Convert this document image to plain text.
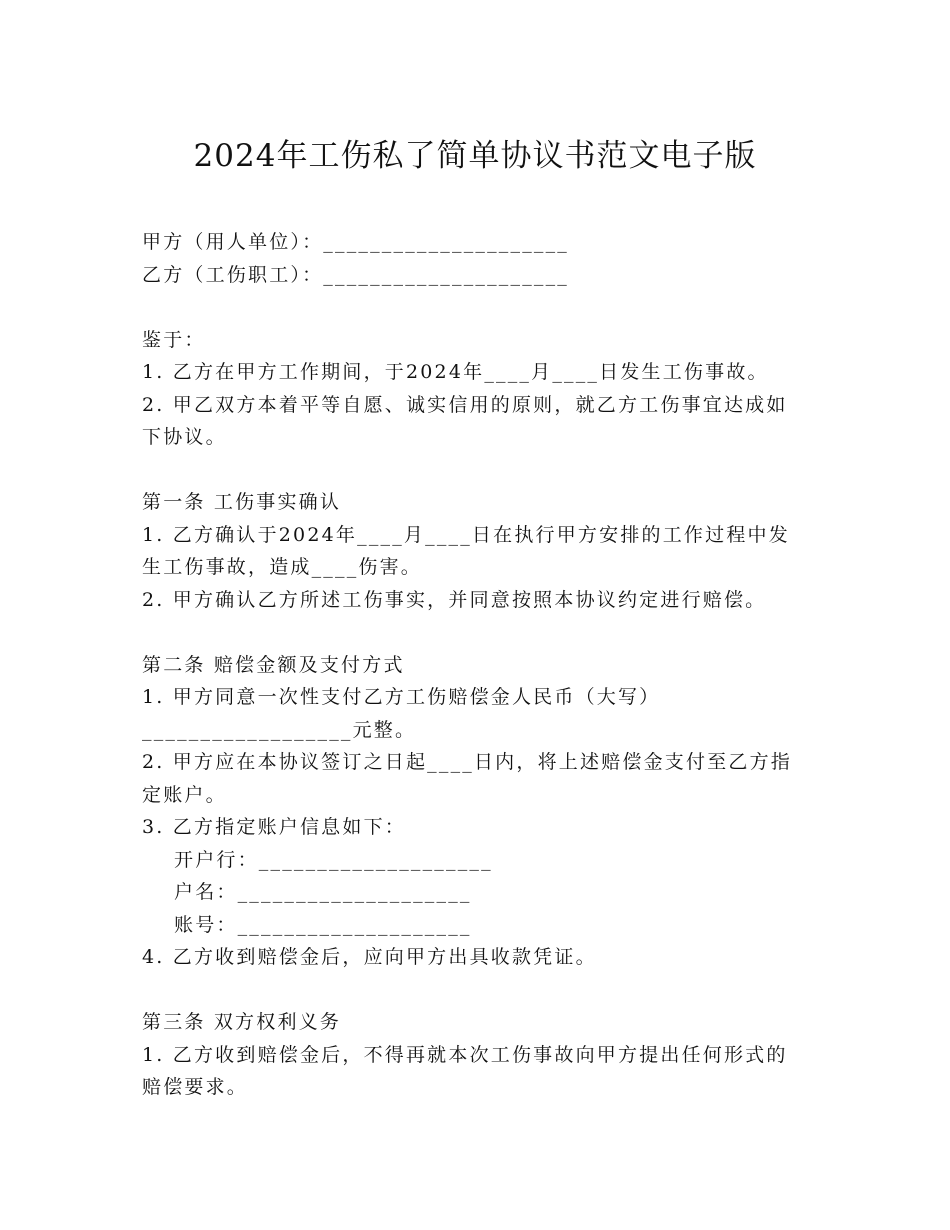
2024年工伤私了简单协议书范文电子版
甲方（用人单位）：_____________________
乙方（工伤职工）：_____________________
鉴于：
1. 乙方在甲方工作期间，于2024年____月____日发生工伤事故。
2. 甲乙双方本着平等自愿、诚实信用的原则，就乙方工伤事宜达成如
下协议。
第一条 工伤事实确认
1. 乙方确认于2024年____月____日在执行甲方安排的工作过程中发
生工伤事故，造成____伤害。
2. 甲方确认乙方所述工伤事实，并同意按照本协议约定进行赔偿。
第二条 赔偿金额及支付方式
1. 甲方同意一次性支付乙方工伤赔偿金人民币（大写）
__________________元整。
2. 甲方应在本协议签订之日起____日内，将上述赔偿金支付至乙方指
定账户。
3. 乙方指定账户信息如下：
开户行：____________________
户名：____________________
账号：____________________
4. 乙方收到赔偿金后，应向甲方出具收款凭证。
第三条 双方权利义务
1. 乙方收到赔偿金后，不得再就本次工伤事故向甲方提出任何形式的
赔偿要求。
